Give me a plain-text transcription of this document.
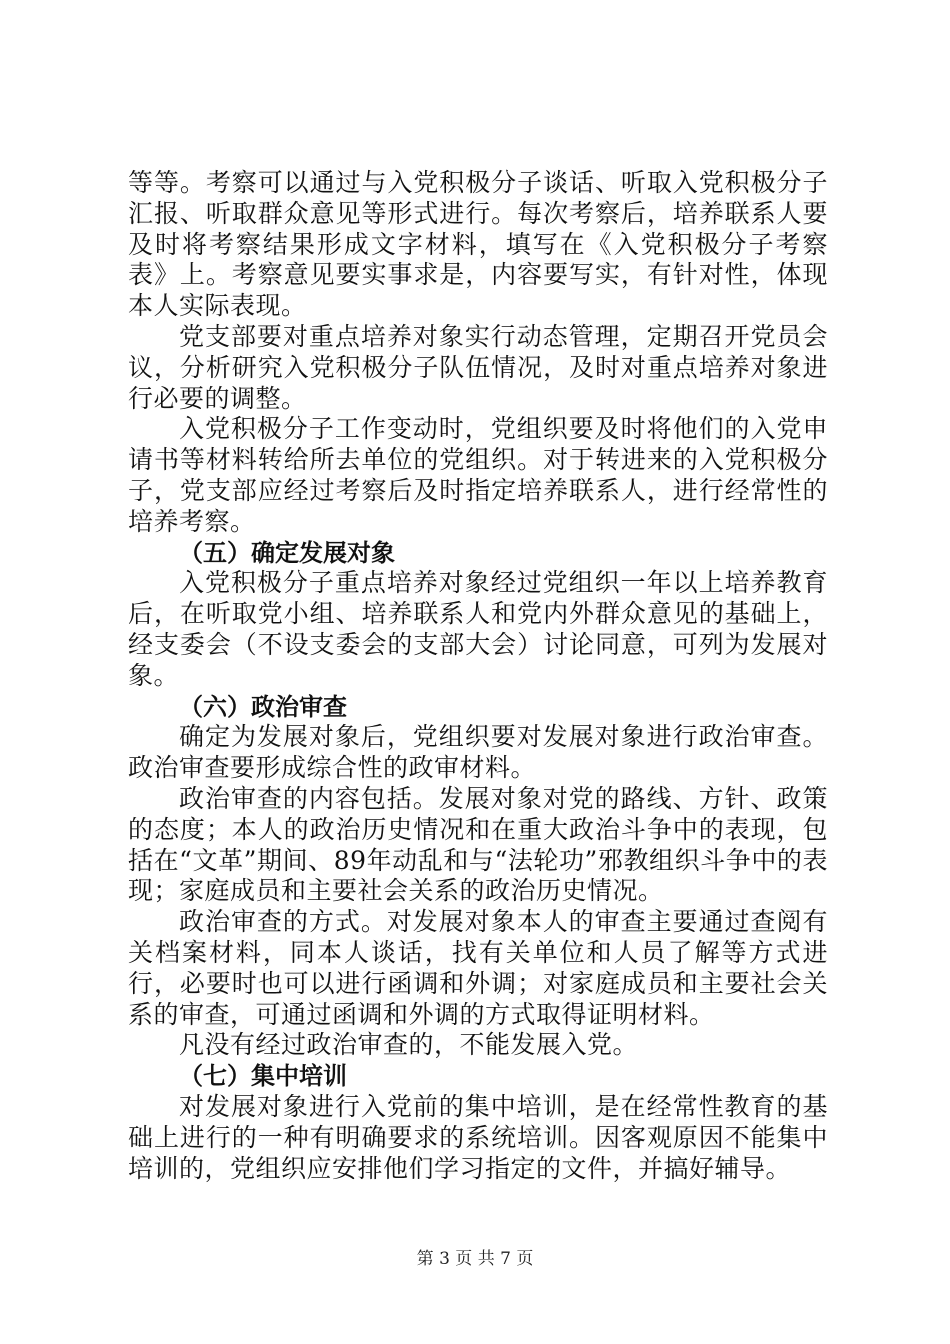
等等。考察可以通过与入党积极分子谈话、听取入党积极分子汇报、听取群众意见等形式进行。每次考察后，培养联系人要及时将考察结果形成文字材料，填写在《入党积极分子考察表》上。考察意见要实事求是，内容要写实，有针对性，体现本人实际表现。

党支部要对重点培养对象实行动态管理，定期召开党员会议，分析研究入党积极分子队伍情况，及时对重点培养对象进行必要的调整。

入党积极分子工作变动时，党组织要及时将他们的入党申请书等材料转给所去单位的党组织。对于转进来的入党积极分子，党支部应经过考察后及时指定培养联系人，进行经常性的培养考察。

（五）确定发展对象

入党积极分子重点培养对象经过党组织一年以上培养教育后，在听取党小组、培养联系人和党内外群众意见的基础上，经支委会（不设支委会的支部大会）讨论同意，可列为发展对象。

（六）政治审查

确定为发展对象后，党组织要对发展对象进行政治审查。政治审查要形成综合性的政审材料。

政治审查的内容包括。发展对象对党的路线、方针、政策的态度；本人的政治历史情况和在重大政治斗争中的表现，包括在“文革”期间、89年动乱和与“法轮功”邪教组织斗争中的表现；家庭成员和主要社会关系的政治历史情况。

政治审查的方式。对发展对象本人的审查主要通过查阅有关档案材料，同本人谈话，找有关单位和人员了解等方式进行，必要时也可以进行函调和外调；对家庭成员和主要社会关系的审查，可通过函调和外调的方式取得证明材料。

凡没有经过政治审查的，不能发展入党。

（七）集中培训

对发展对象进行入党前的集中培训，是在经常性教育的基础上进行的一种有明确要求的系统培训。因客观原因不能集中培训的，党组织应安排他们学习指定的文件，并搞好辅导。

第 3 页 共 7 页
